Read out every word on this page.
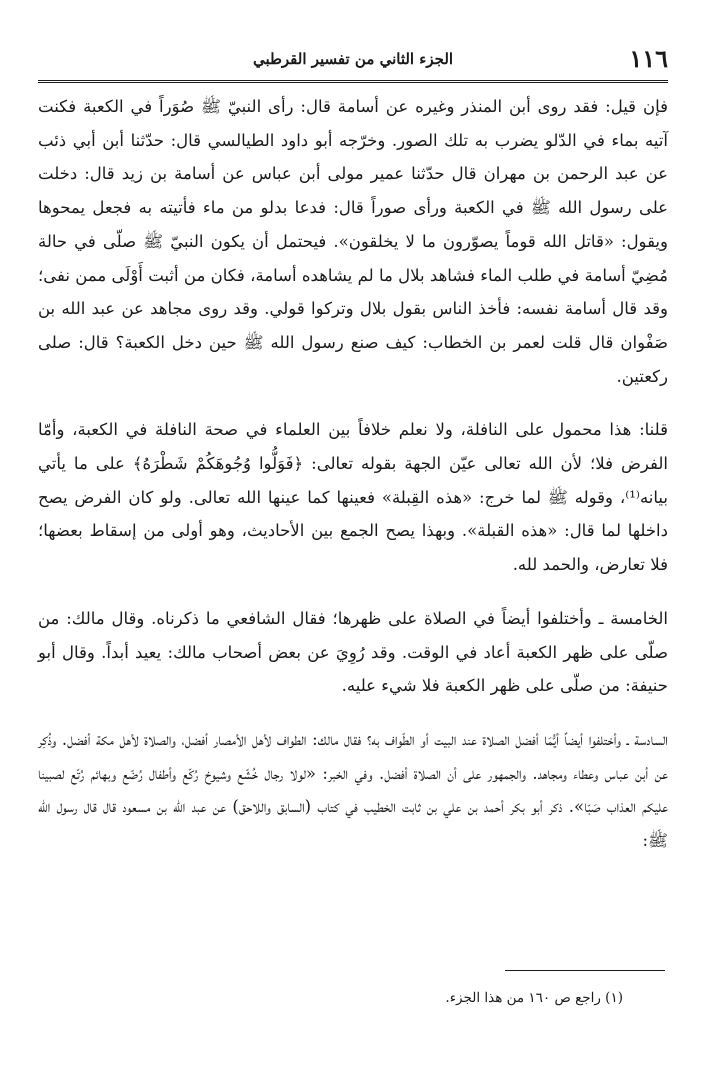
١١٦
الجزء الثاني من تفسير القرطبي

فإن قيل: فقد روى أبن المنذر وغيره عن أسامة قال: رأى النبيّ ﷺ صُوَراً في الكعبة فكنت آتيه بماء في الدّلو يضرب به تلك الصور. وخرّجه أبو داود الطيالسي قال: حدّثنا أبن أبي ذئب عن عبد الرحمن بن مهران قال حدّثنا عمير مولى أبن عباس عن أسامة بن زيد قال: دخلت على رسول الله ﷺ في الكعبة ورأى صوراً قال: فدعا بدلو من ماء فأتيته به فجعل يمحوها ويقول: «قاتل الله قوماً يصوّرون ما لا يخلقون». فيحتمل أن يكون النبيّ ﷺ صلّى في حالة مُضِيّ أسامة في طلب الماء فشاهد بلال ما لم يشاهده أسامة، فكان من أثبت أَوْلَى ممن نفى؛ وقد قال أسامة نفسه: فأخذ الناس بقول بلال وتركوا قولي. وقد روى مجاهد عن عبد الله بن صَفْوان قال قلت لعمر بن الخطاب: كيف صنع رسول الله ﷺ حين دخل الكعبة؟ قال: صلى ركعتين.

قلنا: هذا محمول على النافلة، ولا نعلم خلافاً بين العلماء في صحة النافلة في الكعبة، وأمّا الفرض فلا؛ لأن الله تعالى عيّن الجهة بقوله تعالى: ﴿فَوَلُّوا وُجُوهَكُمْ شَطْرَهُ﴾ على ما يأتي بيانه⁽¹⁾، وقوله ﷺ لما خرج: «هذه القِبلة» فعينها كما عينها الله تعالى. ولو كان الفرض يصح داخلها لما قال: «هذه القبلة». وبهذا يصح الجمع بين الأحاديث، وهو أولى من إسقاط بعضها؛ فلا تعارض، والحمد لله.

الخامسة ـ وأختلفوا أيضاً في الصلاة على ظهرها؛ فقال الشافعي ما ذكرناه. وقال مالك: من صلّى على ظهر الكعبة أعاد في الوقت. وقد رُوِيَ عن بعض أصحاب مالك: يعيد أبداً. وقال أبو حنيفة: من صلّى على ظهر الكعبة فلا شيء عليه.

السادسة ـ وأختلفوا أيضاً أيُّمَا أفضل الصلاة عند البيت أو الطّواف به؟ فقال مالك: الطواف لأهل الأمصار أفضل، والصلاة لأهل مكة أفضل. وذُكِر عن أبن عباس وعطاء ومجاهد. والجمهور على أن الصلاة أفضل. وفي الخبر: «لولا رجال خُشّع وشيوخ رُكّع وأطفال رُضّع وبهائم رُتّع لصبينا عليكم العذاب صَبّا». ذكر أبو بكر أحمد بن علي بن ثابت الخطيب في كتاب (السابق واللاحق) عن عبد الله بن مسعود قال قال رسول الله ﷺ:

(١) راجع ص ١٦٠ من هذا الجزء.
